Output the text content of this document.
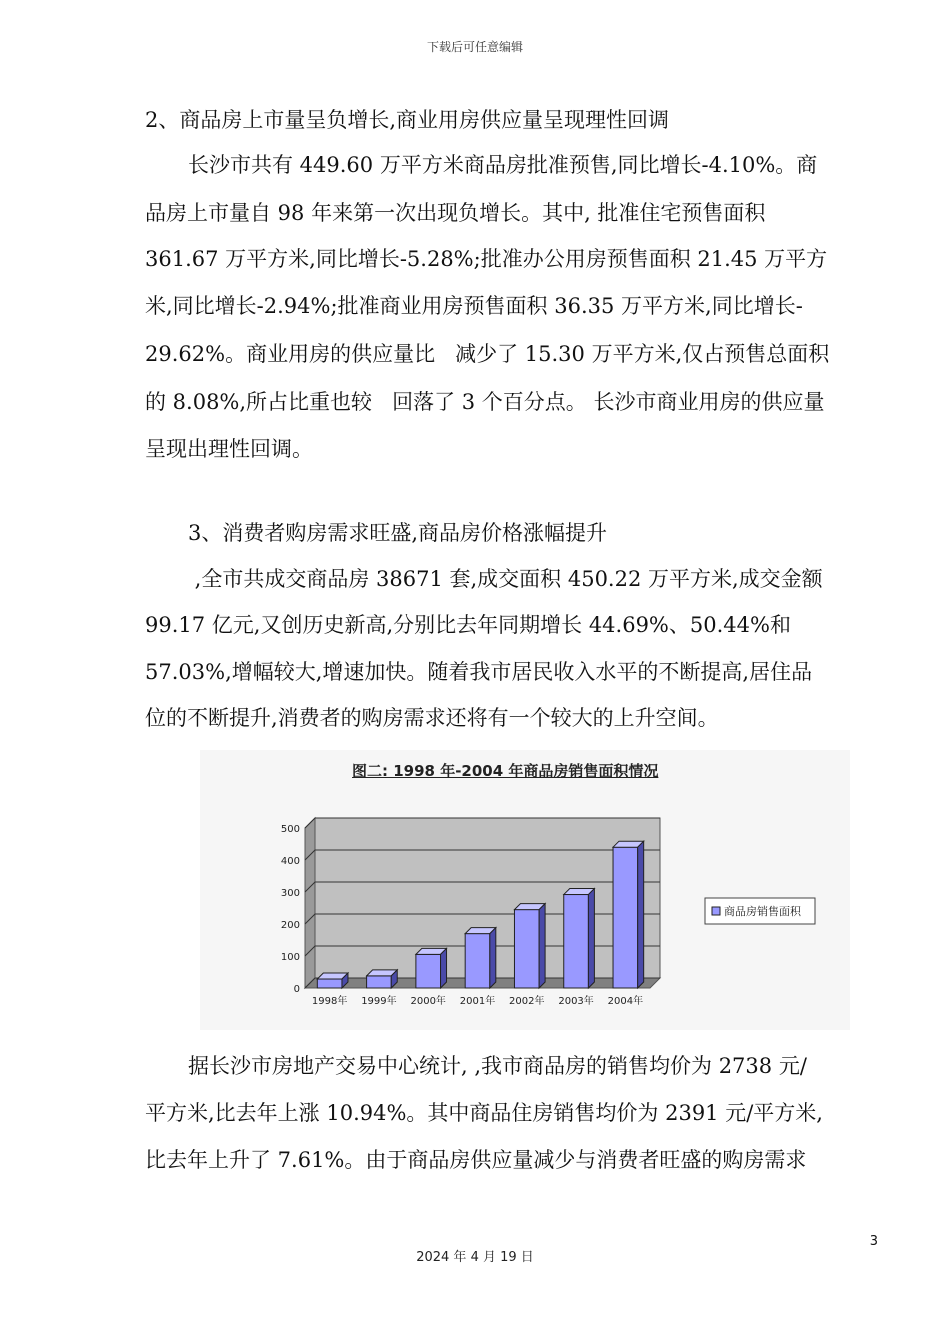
下载后可任意编辑
2、商品房上市量呈负增长,商业用房供应量呈现理性回调
长沙市共有 449.60 万平方米商品房批准预售,同比增长-4.10%。商
品房上市量自 98 年来第一次出现负增长。其中, 批准住宅预售面积
361.67 万平方米,同比增长-5.28%;批准办公用房预售面积 21.45 万平方
米,同比增长-2.94%;批准商业用房预售面积 36.35 万平方米,同比增长-
29.62%。商业用房的供应量比   减少了 15.30 万平方米,仅占预售总面积
的 8.08%,所占比重也较   回落了 3 个百分点。 长沙市商业用房的供应量
呈现出理性回调。
3、消费者购房需求旺盛,商品房价格涨幅提升
,全市共成交商品房 38671 套,成交面积 450.22 万平方米,成交金额
99.17 亿元,又创历史新高,分别比去年同期增长 44.69%、50.44%和
57.03%,增幅较大,增速加快。随着我市居民收入水平的不断提高,居住品
位的不断提升,消费者的购房需求还将有一个较大的上升空间。
图二: 1998 年-2004 年商品房销售面积情况
0
100
200
300
400
500
1998年 1999年 2000年 2001年 2002年 2003年 2004年
商品房销售面积
据长沙市房地产交易中心统计, ,我市商品房的销售均价为 2738 元/
平方米,比去年上涨 10.94%。其中商品住房销售均价为 2391 元/平方米,
比去年上升了 7.61%。由于商品房供应量减少与消费者旺盛的购房需求
3
2024 年 4 月 19 日
